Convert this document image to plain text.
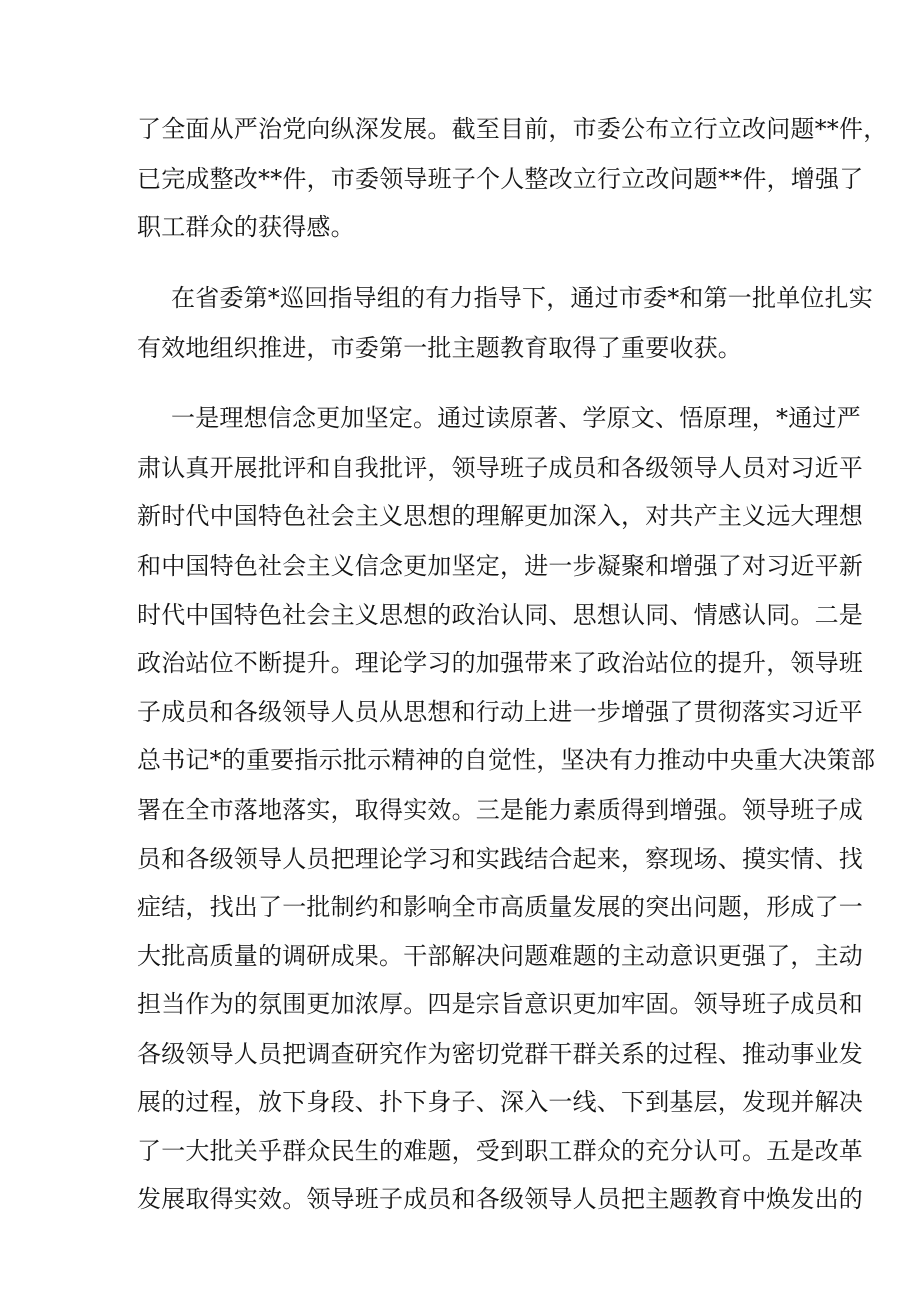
了全面从严治党向纵深发展。截至目前，市委公布立行立改问题**件，

已完成整改**件，市委领导班子个人整改立行立改问题**件，增强了

职工群众的获得感。

在省委第*巡回指导组的有力指导下，通过市委*和第一批单位扎实

有效地组织推进，市委第一批主题教育取得了重要收获。

一是理想信念更加坚定。通过读原著、学原文、悟原理，*通过严

肃认真开展批评和自我批评，领导班子成员和各级领导人员对习近平

新时代中国特色社会主义思想的理解更加深入，对共产主义远大理想

和中国特色社会主义信念更加坚定，进一步凝聚和增强了对习近平新

时代中国特色社会主义思想的政治认同、思想认同、情感认同。二是

政治站位不断提升。理论学习的加强带来了政治站位的提升，领导班

子成员和各级领导人员从思想和行动上进一步增强了贯彻落实习近平

总书记*的重要指示批示精神的自觉性，坚决有力推动中央重大决策部

署在全市落地落实，取得实效。三是能力素质得到增强。领导班子成

员和各级领导人员把理论学习和实践结合起来，察现场、摸实情、找

症结，找出了一批制约和影响全市高质量发展的突出问题，形成了一

大批高质量的调研成果。干部解决问题难题的主动意识更强了，主动

担当作为的氛围更加浓厚。四是宗旨意识更加牢固。领导班子成员和

各级领导人员把调查研究作为密切党群干群关系的过程、推动事业发

展的过程，放下身段、扑下身子、深入一线、下到基层，发现并解决

了一大批关乎群众民生的难题，受到职工群众的充分认可。五是改革

发展取得实效。领导班子成员和各级领导人员把主题教育中焕发出的
